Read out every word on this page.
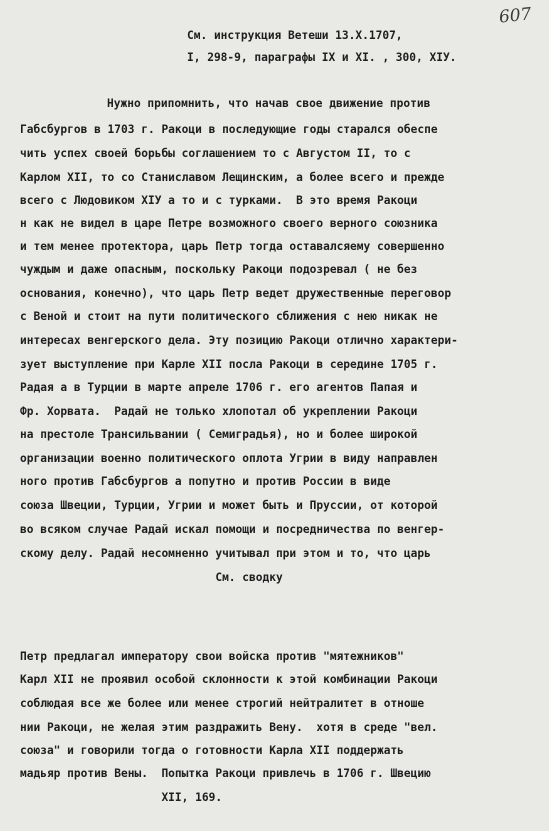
607
См. инструкция Ветеши 13.X.1707,
I, 298-9, параграфы IX и XI. , 300, XIУ.
Нужно припомнить, что начав свое движение против
Габсбургов в 1703 г. Ракоци в последующие годы старался обеспе
чить успех своей борьбы соглашением то с Августом II, то с
Карлом XII, то со Станиславом Лещинским, а более всего и прежде
всего с Людовиком XIУ а то и с турками.  В это время Ракоци
н как не видел в царе Петре возможного своего верного союзника
и тем менее протектора, царь Петр тогда оставалсяему совершенно
чуждым и даже опасным, поскольку Ракоци подозревал ( не без
основания, конечно), что царь Петр ведет дружественные переговор
с Веной и стоит на пути политического сближения с нею никак не
интересах венгерского дела. Эту позицию Ракоци отлично характери-
зует выступление при Карле XII посла Ракоци в середине 1705 г.
Радая а в Турции в марте апреле 1706 г. его агентов Папая и
Фр. Хорвата.  Радай не только хлопотал об укреплении Ракоци
на престоле Трансильвании ( Семиградья), но и более широкой
организации военно политического оплота Угрии в виду направлен
ного против Габсбургов а попутно и против России в виде
союза Швеции, Турции, Угрии и может быть и Пруссии, от которой
во всяком случае Радай искал помощи и посредничества по венгер-
скому делу. Радай несомненно учитывал при этом и то, что царь
См. сводку
Петр предлагал императору свои войска против "мятежников"
Карл XII не проявил особой склонности к этой комбинации Ракоци
соблюдая все же более или менее строгий нейтралитет в отноше
нии Ракоци, не желая этим раздражить Вену.  хотя в среде "вел.
союза" и говорили тогда о готовности Карла XII поддержать
мадьяр против Вены.  Попытка Ракоци привлечь в 1706 г. Швецию
XII, 169.
